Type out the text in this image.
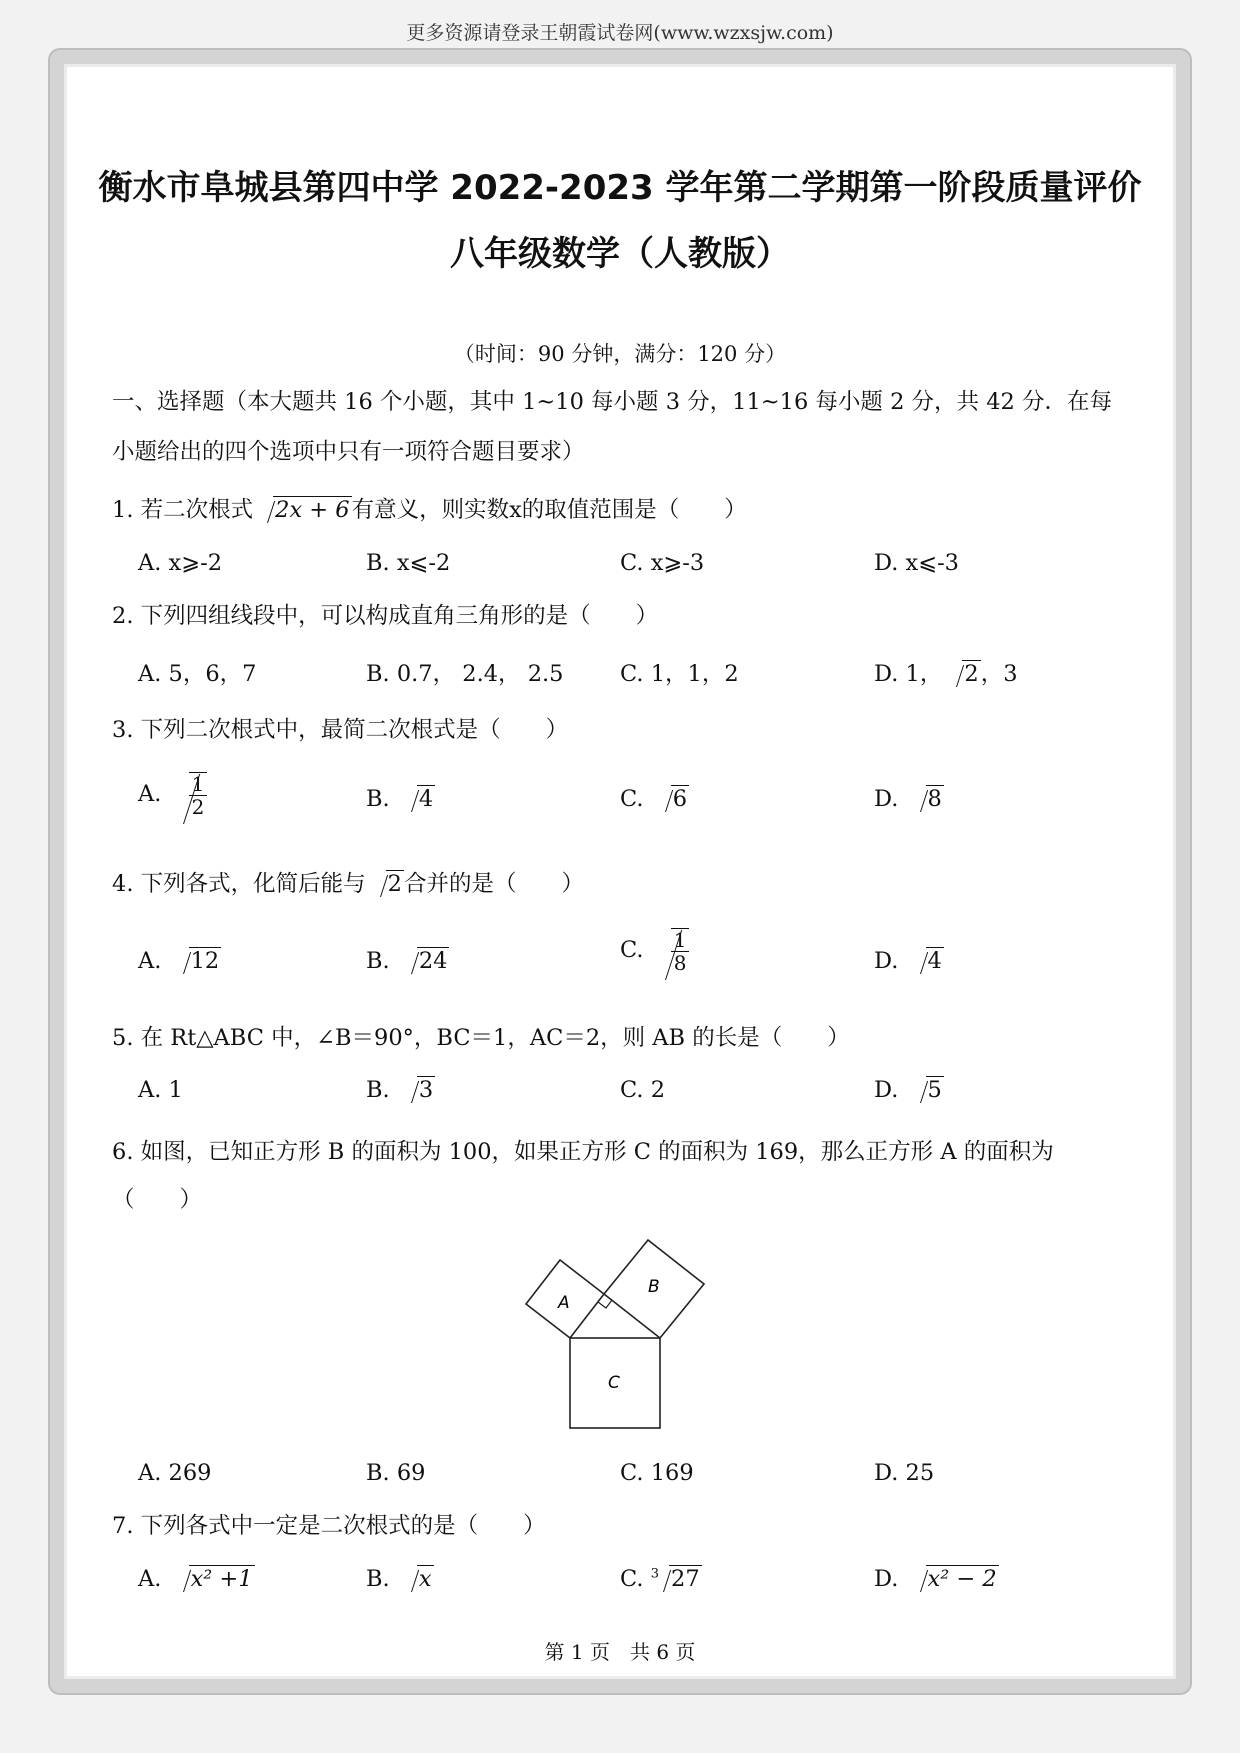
更多资源请登录王朝霞试卷网(www.wzxsjw.com)
衡水市阜城县第四中学 2022-2023 学年第二学期第一阶段质量评价
八年级数学（人教版）
（时间：90 分钟，满分：120 分）
一、选择题（本大题共 16 个小题，其中 1~10 每小题 3 分，11~16 每小题 2 分，共 42 分．在每小题给出的四个选项中只有一项符合题目要求）
1. 若二次根式 2x + 6有意义，则实数x的取值范围是（　　）
A. x⩾-2	B. x⩽-2	C. x⩾-3	D. x⩽-3
2. 下列四组线段中，可以构成直角三角形的是（　　）
A. 5，6，7	B. 0.7， 2.4， 2.5	C. 1，1，2	D. 1， 2，3
3. 下列二次根式中，最简二次根式是（　　）
A. $\frac{1}{2}$	B. 4	C. 6	D. 8
4. 下列各式，化简后能与 2合并的是（　　）
A. 12	B. 24	C. $\frac{1}{8}$	D. 4
5. 在 Rt△ABC 中，∠B＝90°，BC＝1，AC＝2，则 AB 的长是（　　）
A. 1	B. 3	C. 2	D. 5
6. 如图，已知正方形 B 的面积为 100，如果正方形 C 的面积为 169，那么正方形 A 的面积为
（　　）
A
B
C
A. 269	B. 69	C. 169	D. 25
7. 下列各式中一定是二次根式的是（　　）
A. x² +1	B. x	C. $^3$ 27	D. x² − 2
第 1 页　共 6 页
